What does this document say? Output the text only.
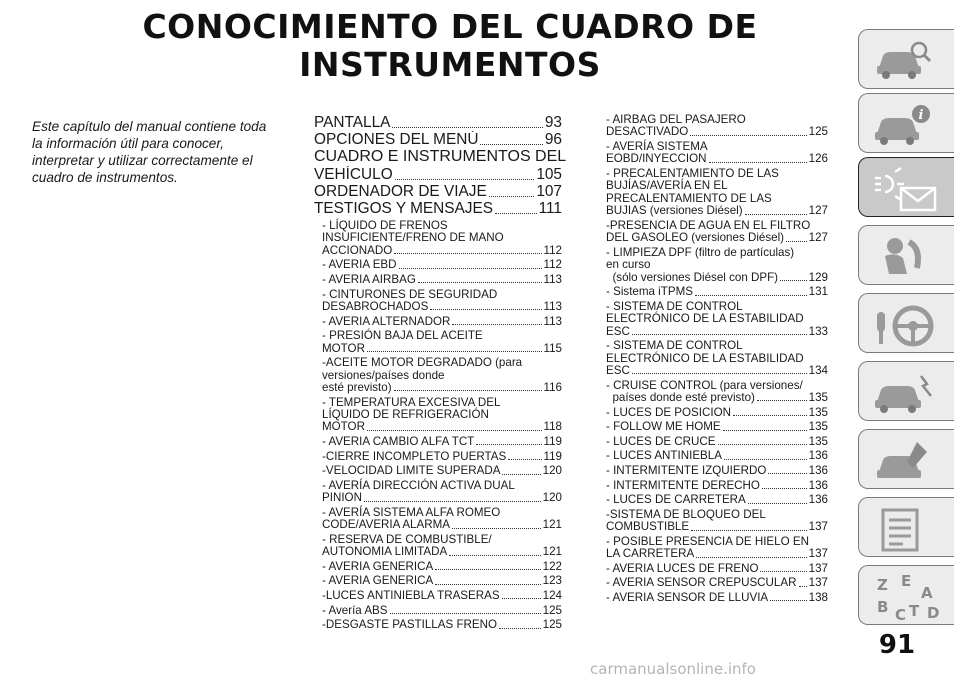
CONOCIMIENTO DEL CUADRO DE
INSTRUMENTOS
Este capítulo del manual contiene toda
la información útil para conocer,
interpretar y utilizar correctamente el
cuadro de instrumentos.
PANTALLA	93
OPCIONES DEL MENÚ	96
CUADRO E INSTRUMENTOS DEL
VEHÍCULO	105
ORDENADOR DE VIAJE	107
TESTIGOS Y MENSAJES	111
- LÍQUIDO DE FRENOS
INSUFICIENTE/FRENO DE MANO
ACCIONADO	112
- AVERÍA EBD	112
- AVERÍA AIRBAG	113
- CINTURONES DE SEGURIDAD
DESABROCHADOS	113
- AVERÍA ALTERNADOR	113
- PRESIÓN BAJA DEL ACEITE
MOTOR	115
-ACEITE MOTOR DEGRADADO (para
versiones/países donde
esté previsto)	116
- TEMPERATURA EXCESIVA DEL
LÍQUIDO DE REFRIGERACIÓN
MOTOR	118
- AVERÍA CAMBIO ALFA TCT	119
-CIERRE INCOMPLETO PUERTAS	119
-VELOCIDAD LÍMITE SUPERADA	120
- AVERÍA DIRECCIÓN ACTIVA DUAL
PINION	120
- AVERÍA SISTEMA ALFA ROMEO
CODE/AVERÍA ALARMA	121
- RESERVA DE COMBUSTIBLE/
AUTONOMÍA LIMITADA	121
- AVERÍA GENÉRICA	122
- AVERÍA GENÉRICA	123
-LUCES ANTINIEBLA TRASERAS	124
- Avería ABS	125
-DESGASTE PASTILLAS FRENO	125
- AIRBAG DEL PASAJERO
DESACTIVADO	125
- AVERÍA SISTEMA
EOBD/INYECCIÓN	126
- PRECALENTAMIENTO DE LAS
BUJÍAS/AVERÍA EN EL
PRECALENTAMIENTO DE LAS
BUJÍAS (versiones Diésel)	127
-PRESENCIA DE AGUA EN EL FILTRO
DEL GASÓLEO (versiones Diésel) 127
- LIMPIEZA DPF (filtro de partículas)
en curso
(sólo versiones Diésel con DPF)	129
- Sistema iTPMS	131
- SISTEMA DE CONTROL
ELECTRÓNICO DE LA ESTABILIDAD
ESC	133
- SISTEMA DE CONTROL
ELECTRÓNICO DE LA ESTABILIDAD
ESC	134
- CRUISE CONTROL (para versiones/
países donde esté previsto)	135
- LUCES DE POSICIÓN	135
- FOLLOW ME HOME	135
- LUCES DE CRUCE	135
- LUCES ANTINIEBLA	136
- INTERMITENTE IZQUIERDO	136
- INTERMITENTE DERECHO	136
- LUCES DE CARRETERA	136
-SISTEMA DE BLOQUEO DEL
COMBUSTIBLE	137
- POSIBLE PRESENCIA DE HIELO EN
LA CARRETERA	137
- AVERÍA LUCES DE FRENO	137
- AVERÍA SENSOR CREPUSCULAR 137
- AVERÍA SENSOR DE LLUVIA	138
i
Z E
A
B C T D
91
carmanualsonline.info
